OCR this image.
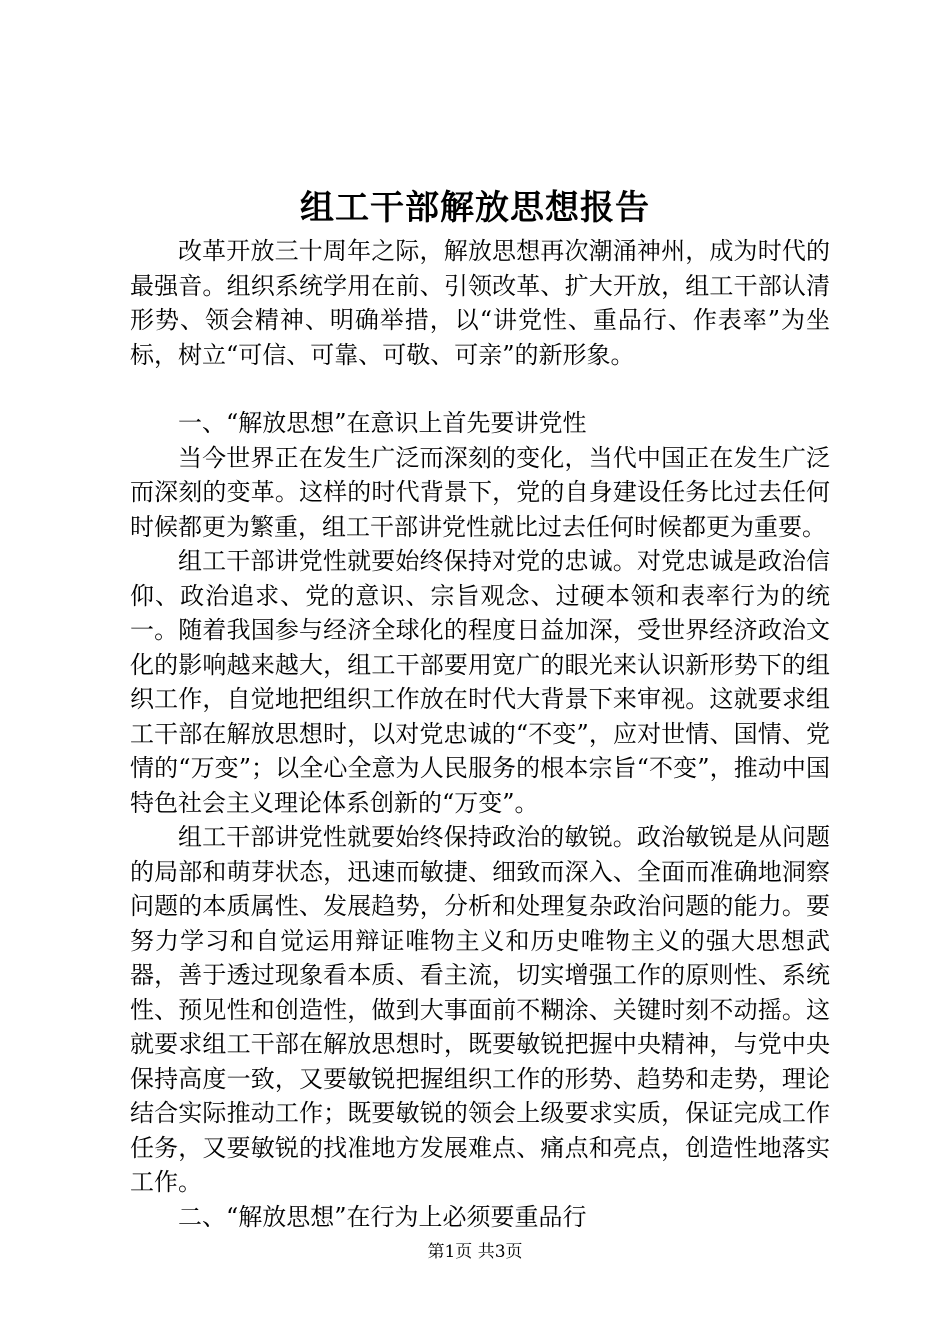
组工干部解放思想报告

改革开放三十周年之际，解放思想再次潮涌神州，成为时代的最强音。组织系统学用在前、引领改革、扩大开放，组工干部认清形势、领会精神、明确举措，以“讲党性、重品行、作表率”为坐标，树立“可信、可靠、可敬、可亲”的新形象。

一、“解放思想”在意识上首先要讲党性

当今世界正在发生广泛而深刻的变化，当代中国正在发生广泛而深刻的变革。这样的时代背景下，党的自身建设任务比过去任何时候都更为繁重，组工干部讲党性就比过去任何时候都更为重要。

组工干部讲党性就要始终保持对党的忠诚。对党忠诚是政治信仰、政治追求、党的意识、宗旨观念、过硬本领和表率行为的统一。随着我国参与经济全球化的程度日益加深，受世界经济政治文化的影响越来越大，组工干部要用宽广的眼光来认识新形势下的组织工作，自觉地把组织工作放在时代大背景下来审视。这就要求组工干部在解放思想时，以对党忠诚的“不变”，应对世情、国情、党情的“万变”；以全心全意为人民服务的根本宗旨“不变”，推动中国特色社会主义理论体系创新的“万变”。

组工干部讲党性就要始终保持政治的敏锐。政治敏锐是从问题的局部和萌芽状态，迅速而敏捷、细致而深入、全面而准确地洞察问题的本质属性、发展趋势，分析和处理复杂政治问题的能力。要努力学习和自觉运用辩证唯物主义和历史唯物主义的强大思想武器，善于透过现象看本质、看主流，切实增强工作的原则性、系统性、预见性和创造性，做到大事面前不糊涂、关键时刻不动摇。这就要求组工干部在解放思想时，既要敏锐把握中央精神，与党中央保持高度一致，又要敏锐把握组织工作的形势、趋势和走势，理论结合实际推动工作；既要敏锐的领会上级要求实质，保证完成工作任务，又要敏锐的找准地方发展难点、痛点和亮点，创造性地落实工作。

二、“解放思想”在行为上必须要重品行

第1页 共3页
